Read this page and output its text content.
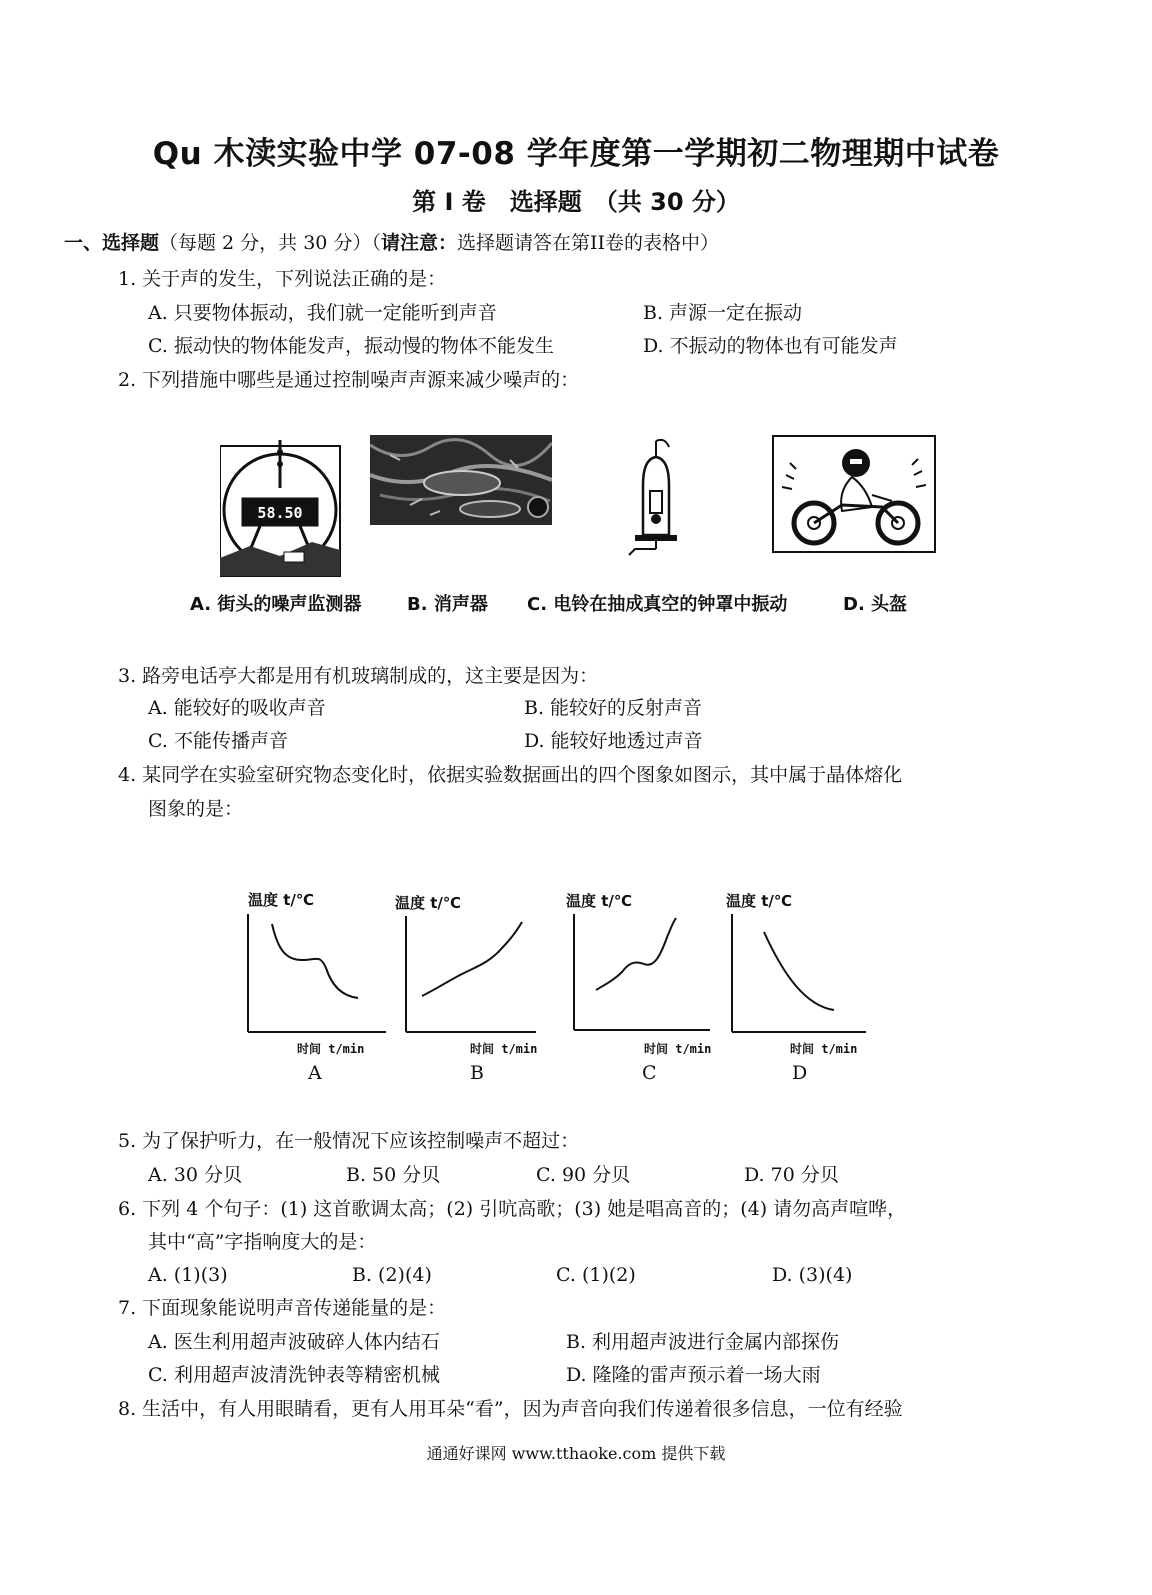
Qu 木渎实验中学 07-08 学年度第一学期初二物理期中试卷
第 I 卷　选择题　（共 30 分）
一、选择题（每题 2 分，共 30 分）（请注意：选择题请答在第II卷的表格中）
1. 关于声的发生，下列说法正确的是：
A. 只要物体振动，我们就一定能听到声音	B. 声源一定在振动
C. 振动快的物体能发声，振动慢的物体不能发生	D. 不振动的物体也有可能发声
2. 下列措施中哪些是通过控制噪声声源来减少噪声的：
58.50
A. 街头的噪声监测器	B. 消声器 C. 电铃在抽成真空的钟罩中振动	D. 头盔
3. 路旁电话亭大都是用有机玻璃制成的，这主要是因为：
A. 能较好的吸收声音	B. 能较好的反射声音
C. 不能传播声音	D. 能较好地透过声音
4. 某同学在实验室研究物态变化时，依据实验数据画出的四个图象如图示，其中属于晶体熔化
图象的是：
温度 t/℃
时间 t/min
A
温度 t/℃
时间 t/min
B
温度 t/℃
时间 t/min
C
温度 t/℃
时间 t/min
D
5. 为了保护听力，在一般情况下应该控制噪声不超过：
A. 30 分贝	B. 50 分贝	C. 90 分贝	D. 70 分贝
6. 下列 4 个句子：(1) 这首歌调太高；(2) 引吭高歌；(3) 她是唱高音的；(4) 请勿高声喧哗，
其中“高”字指响度大的是：
A. (1)(3)	B. (2)(4)	C. (1)(2)	D. (3)(4)
7. 下面现象能说明声音传递能量的是：
A. 医生利用超声波破碎人体内结石	B. 利用超声波进行金属内部探伤
C. 利用超声波清洗钟表等精密机械	D. 隆隆的雷声预示着一场大雨
8. 生活中，有人用眼睛看，更有人用耳朵“看”，因为声音向我们传递着很多信息，一位有经验
通通好课网 www.tthaoke.com 提供下载
